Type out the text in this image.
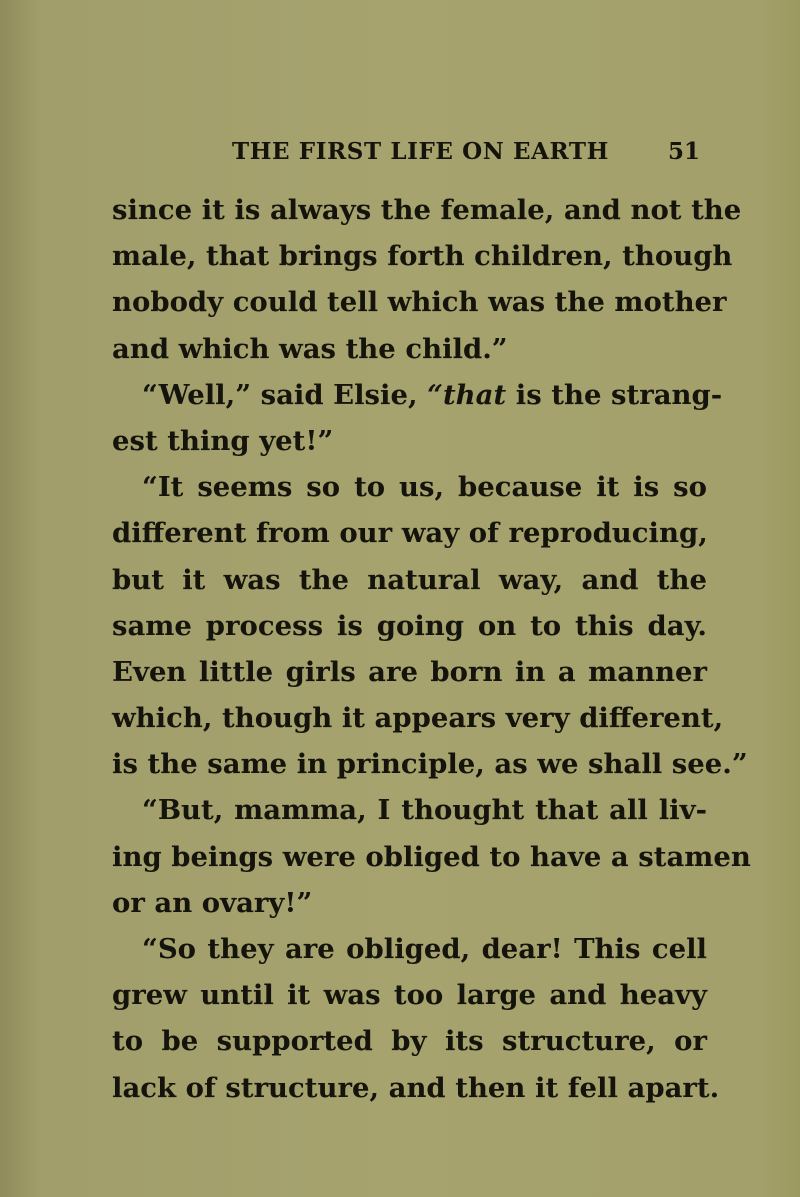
THE FIRST LIFE ON EARTH	51
since it is always the female, and not the
male, that brings forth children, though
nobody could tell which was the mother
and which was the child.”
“Well,” said Elsie, “that is the strang-
est thing yet!”
“It seems so to us, because it is so
different from our way of reproducing,
but it was the natural way, and the
same process is going on to this day.
Even little girls are born in a manner
which, though it appears very different,
is the same in principle, as we shall see.”
“But, mamma, I thought that all liv-
ing beings were obliged to have a stamen
or an ovary!”
“So they are obliged, dear! This cell
grew until it was too large and heavy
to be supported by its structure, or
lack of structure, and then it fell apart.
